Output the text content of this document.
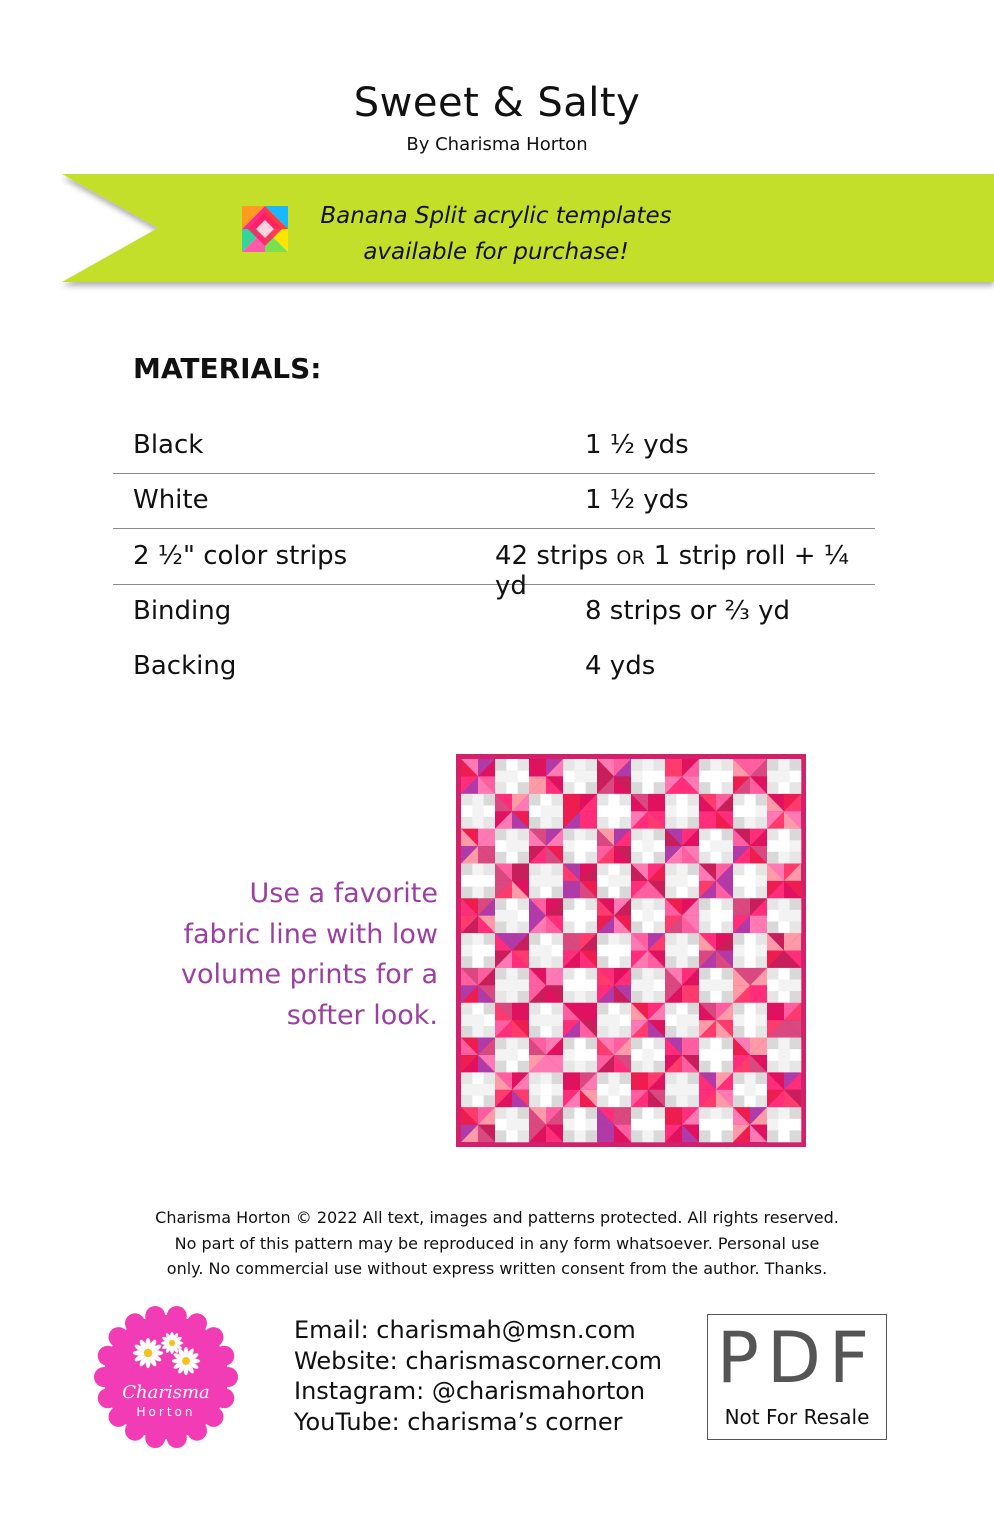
Sweet & Salty
By Charisma Horton
Banana Split acrylic templates
available for purchase!
MATERIALS:
Black	1 ½ yds
White	1 ½ yds
2 ½" color strips	42 strips OR 1 strip roll + ¼ yd
Binding	8 strips or ⅔ yd
Backing	4 yds
Use a favorite
fabric line with low
volume prints for a
softer look.
Charisma Horton © 2022 All text, images and patterns protected. All rights reserved.
No part of this pattern may be reproduced in any form whatsoever. Personal use
only. No commercial use without express written consent from the author. Thanks.
Charisma
Horton
Email: charismah@msn.com
Website: charismascorner.com
Instagram: @charismahorton
YouTube: charisma’s corner
PDF
Not For Resale
